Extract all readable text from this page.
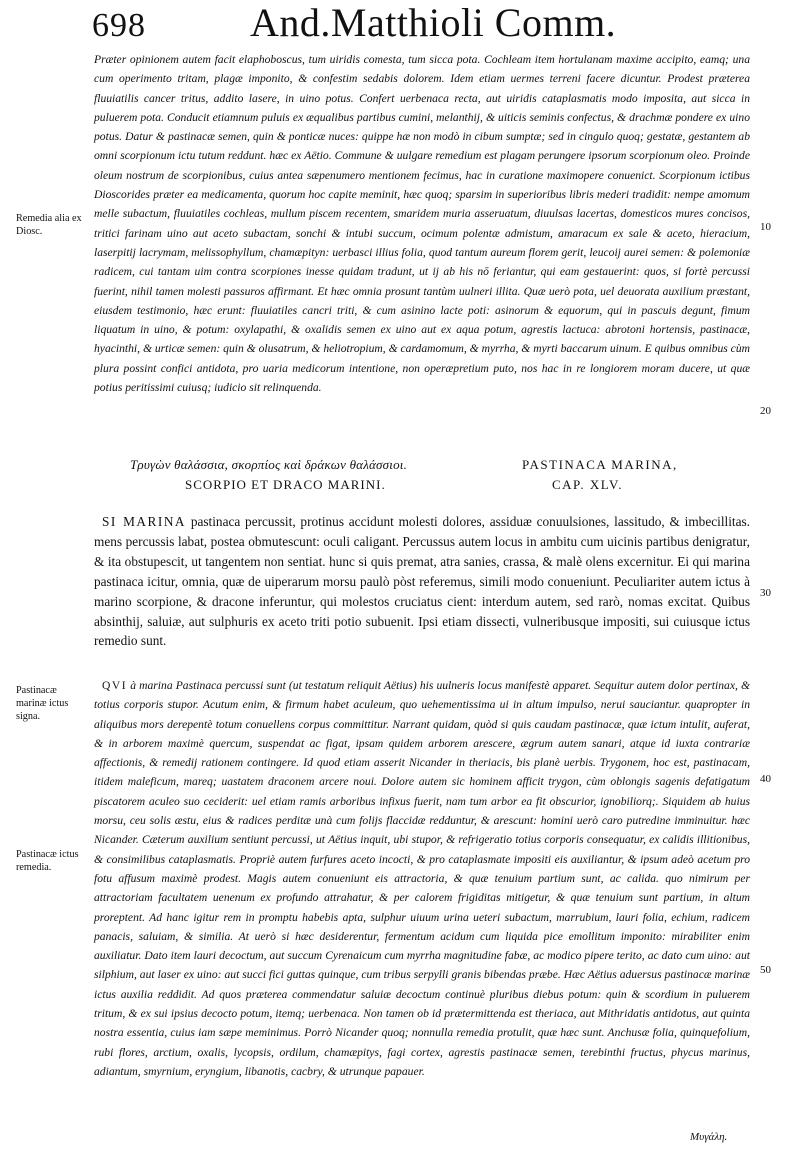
698	And.Matthioli Comm.

Præter opinionem autem facit elaphoboscus, tum uiridis comesta, tum sicca pota. Cochleam item hortulanam maxime accipito, eamq; una cum operimento tritam, plagæ imponito, & confestim sedabis dolorem. Idem etiam uermes terreni facere dicuntur. Prodest præterea fluuiatilis cancer tritus, addito lasere, in uino potus. Confert uerbenaca recta, aut uiridis cataplasmatis modo imposita, aut sicca in puluerem pota. Conducit etiamnum puluis ex æqualibus partibus cumini, melanthij, & uiticis seminis confectus, & drachmæ pondere ex uino potus. Datur & pastinacæ semen, quin & ponticæ nuces: quippe hæ non modò in cibum sumptæ; sed in cingulo quoq; gestatæ, gestantem ab omni scorpionum ictu tutum reddunt. hæc ex Aëtio. Commune & uulgare remedium est plagam perungere ipsorum scorpionum oleo. Proinde oleum nostrum de scorpionibus, cuius antea sæpenumero mentionem fecimus, hac in curatione maximopere conuenict. Scorpionum ictibus Dioscorides præter ea medicamenta, quorum hoc capite meminit, hæc quoq; sparsim in superioribus libris mederi tradidit: nempe amomum melle subactum, fluuiatiles cochleas, mullum piscem recentem, smaridem muria asseruatum, diuulsas lacertas, domesticos mures concisos, tritici farinam uino aut aceto subactam, sonchi & intubi succum, ocimum polentæ admistum, amaracum ex sale & aceto, hieracium, laserpitij lacrymam, melissophyllum, chamæpityn: uerbasci illius folia, quod tantum aureum florem gerit, leucoij aurei semen: & polemoniæ radicem, cui tantam uim contra scorpiones inesse quidam tradunt, ut ij ab his nō feriantur, qui eam gestauerint: quos, si fortè percussi fuerint, nihil tamen molesti passuros affirmant. Et hæc omnia prosunt tantùm uulneri illita. Quæ uerò pota, uel deuorata auxilium præstant, eiusdem testimonio, hæc erunt: fluuiatiles cancri triti, & cum asinino lacte poti: asinorum & equorum, qui in pascuis degunt, fimum liquatum in uino, & potum: oxylapathi, & oxalidis semen ex uino aut ex aqua potum, agrestis lactuca: abrotoni hortensis, pastinacæ, hyacinthi, & urticæ semen: quin & olusatrum, & heliotropium, & cardamomum, & myrrha, & myrti baccarum uinum. E quibus omnibus cùm plura possint confici antidota, pro uaria medicorum intentione, non operæpretium puto, nos hac in re longiorem moram ducere, ut quæ potius peritissimi cuiusq; iudicio sit relinquenda.

Remedia alia ex Diosc.	10
20
Τρυγὼν θαλάσσια, σκορπίος καὶ δράκων θαλάσσιοι.
SCORPIO ET DRACO MARINI.
PASTINACA MARINA,
CAP. XLV.

SI MARINA pastinaca percussit, protinus accidunt molesti dolores, assiduæ conuulsiones, lassitudo, & imbecillitas. mens percussis labat, postea obmutescunt: oculi caligant. Percussus autem locus in ambitu cum uicinis partibus denigratur, & ita obstupescit, ut tangentem non sentiat. hunc si quis premat, atra sanies, crassa, & malè olens excernitur. Ei qui marina pastinaca icitur, omnia, quæ de uiperarum morsu paulò pòst referemus, simili modo conueniunt. Peculiariter autem ictus à marino scorpione, & dracone inferuntur, qui molestos cruciatus cient: interdum autem, sed rarò, nomas excitat. Quibus absinthij, saluiæ, aut sulphuris ex aceto triti potio subuenit. Ipsi etiam dissecti, vulneribusque impositi, sui cuiusque ictus remedio sunt.

30

QVI à marina Pastinaca percussi sunt (ut testatum reliquit Aëtius) his uulneris locus manifestè apparet. Sequitur autem dolor pertinax, & totius corporis stupor. Acutum enim, & firmum habet aculeum, quo uehementissima ui in altum impulso, nerui sauciantur. quapropter in aliquibus mors derepentè totum conuellens corpus committitur. Narrant quidam, quòd si quis caudam pastinacæ, quæ ictum intulit, auferat, & in arborem maximè quercum, suspendat ac figat, ipsam quidem arborem arescere, ægrum autem sanari, atque id iuxta contrariæ affectionis, & remedij rationem contingere. Id quod etiam asserit Nicander in theriacis, bis planè uerbis. Trygonem, hoc est, pastinacam, itidem maleficum, mareq; uastatem draconem arcere noui. Dolore autem sic hominem afficit trygon, cùm oblongis sagenis defatigatum piscatorem aculeo suo ceciderit: uel etiam ramis arboribus infixus fuerit, nam tum arbor ea fit obscurior, ignobiliorq;. Siquidem ab huius morsu, ceu solis æstu, eius & radices perditæ unà cum folijs flaccidæ redduntur, & arescunt: homini uerò caro putredine imminuitur. hæc Nicander. Cæterum auxilium sentiunt percussi, ut Aëtius inquit, ubi stupor, & refrigeratio totius corporis consequatur, ex calidis illitionibus, & consimilibus cataplasmatis. Propriè autem furfures aceto incocti, & pro cataplasmate impositi eis auxiliantur, & ipsum adeò acetum pro fotu affusum maximè prodest. Magis autem conueniunt eis attractoria, & quæ tenuium partium sunt, ac calida. quo nimirum per attractoriam facultatem uenenum ex profundo attrahatur, & per calorem frigiditas mitigetur, & quæ tenuium sunt partium, in altum proreptent. Ad hanc igitur rem in promptu habebis apta, sulphur uiuum urina ueteri subactum, marrubium, lauri folia, echium, radicem panacis, saluiam, & similia. At uerò si hæc desiderentur, fermentum acidum cum liquida pice emollitum imponito: mirabiliter enim auxiliatur. Dato item lauri decoctum, aut succum Cyrenaicum cum myrrha magnitudine fabæ, ac modico pipere terito, ac dato cum uino: aut silphium, aut laser ex uino: aut succi fici guttas quinque, cum tribus serpylli granis bibendas præbe. Hæc Aëtius aduersus pastinacæ marinæ ictus auxilia reddidit. Ad quos præterea commendatur saluiæ decoctum continuè pluribus diebus potum: quin & scordium in puluerem tritum, & ex sui ipsius decocto potum, itemq; uerbenaca. Non tamen ob id prætermittenda est theriaca, aut Mithridatis antidotus, aut quinta nostra essentia, cuius iam sæpe meminimus. Porrò Nicander quoq; nonnulla remedia protulit, quæ hæc sunt. Anchusæ folia, quinquefolium, rubi flores, arctium, oxalis, lycopsis, ordilum, chamæpitys, fagi cortex, agrestis pastinacæ semen, terebinthi fructus, phycus marinus, adiantum, smyrnium, eryngium, libanotis, cacbry, & utrunque papauer.

Pastinacæ marinæ ictus signa.
Pastinacæ ictus remedia.
40
50
Μυγάλη.
